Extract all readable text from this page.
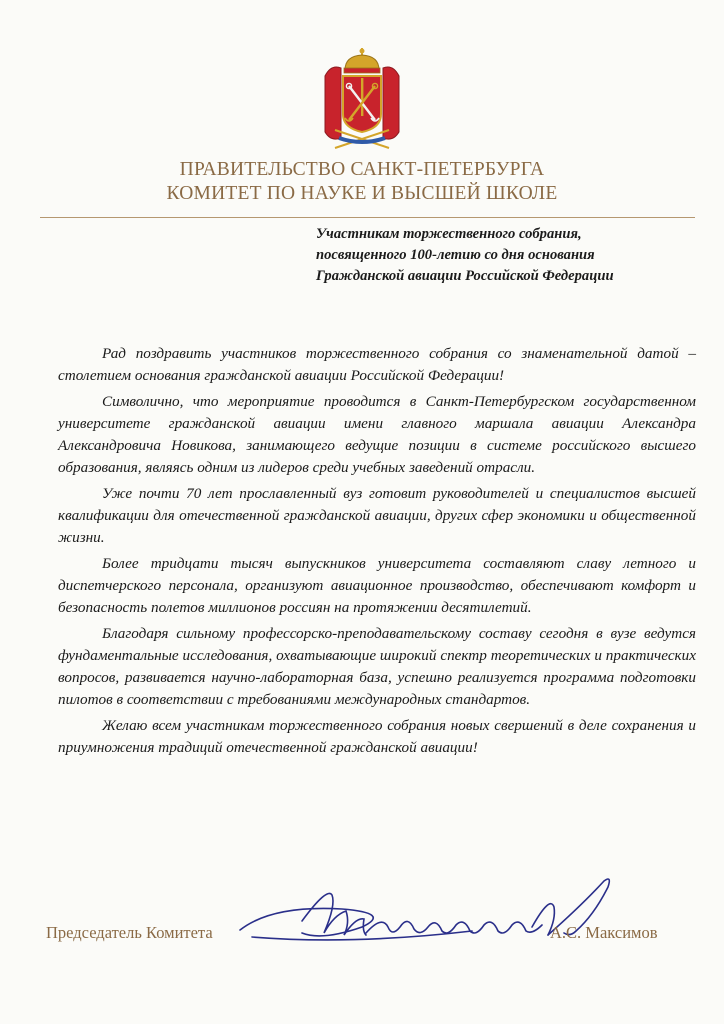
ПРАВИТЕЛЬСТВО САНКТ-ПЕТЕРБУРГА
КОМИТЕТ ПО НАУКЕ И ВЫСШЕЙ ШКОЛЕ
Участникам торжественного собрания,
посвященного 100-летию со дня основания
Гражданской авиации Российской Федерации

Рад поздравить участников торжественного собрания со знаменательной датой – столетием основания гражданской авиации Российской Федерации!

Символично, что мероприятие проводится в Санкт-Петербургском государственном университете гражданской авиации имени главного маршала авиации Александра Александровича Новикова, занимающего ведущие позиции в системе российского высшего образования, являясь одним из лидеров среди учебных заведений отрасли.

Уже почти 70 лет прославленный вуз готовит руководителей и специалистов высшей квалификации для отечественной гражданской авиации, других сфер экономики и общественной жизни.

Более тридцати тысяч выпускников университета составляют славу летного и диспетчерского персонала, организуют авиационное производство, обеспечивают комфорт и безопасность полетов миллионов россиян на протяжении десятилетий.

Благодаря сильному профессорско-преподавательскому составу сегодня в вузе ведутся фундаментальные исследования, охватывающие широкий спектр теоретических и практических вопросов, развивается научно-лабораторная база, успешно реализуется программа подготовки пилотов в соответствии с требованиями международных стандартов.

Желаю всем участникам торжественного собрания новых свершений в деле сохранения и приумножения традиций отечественной гражданской авиации!

Председатель Комитета	А.С. Максимов
